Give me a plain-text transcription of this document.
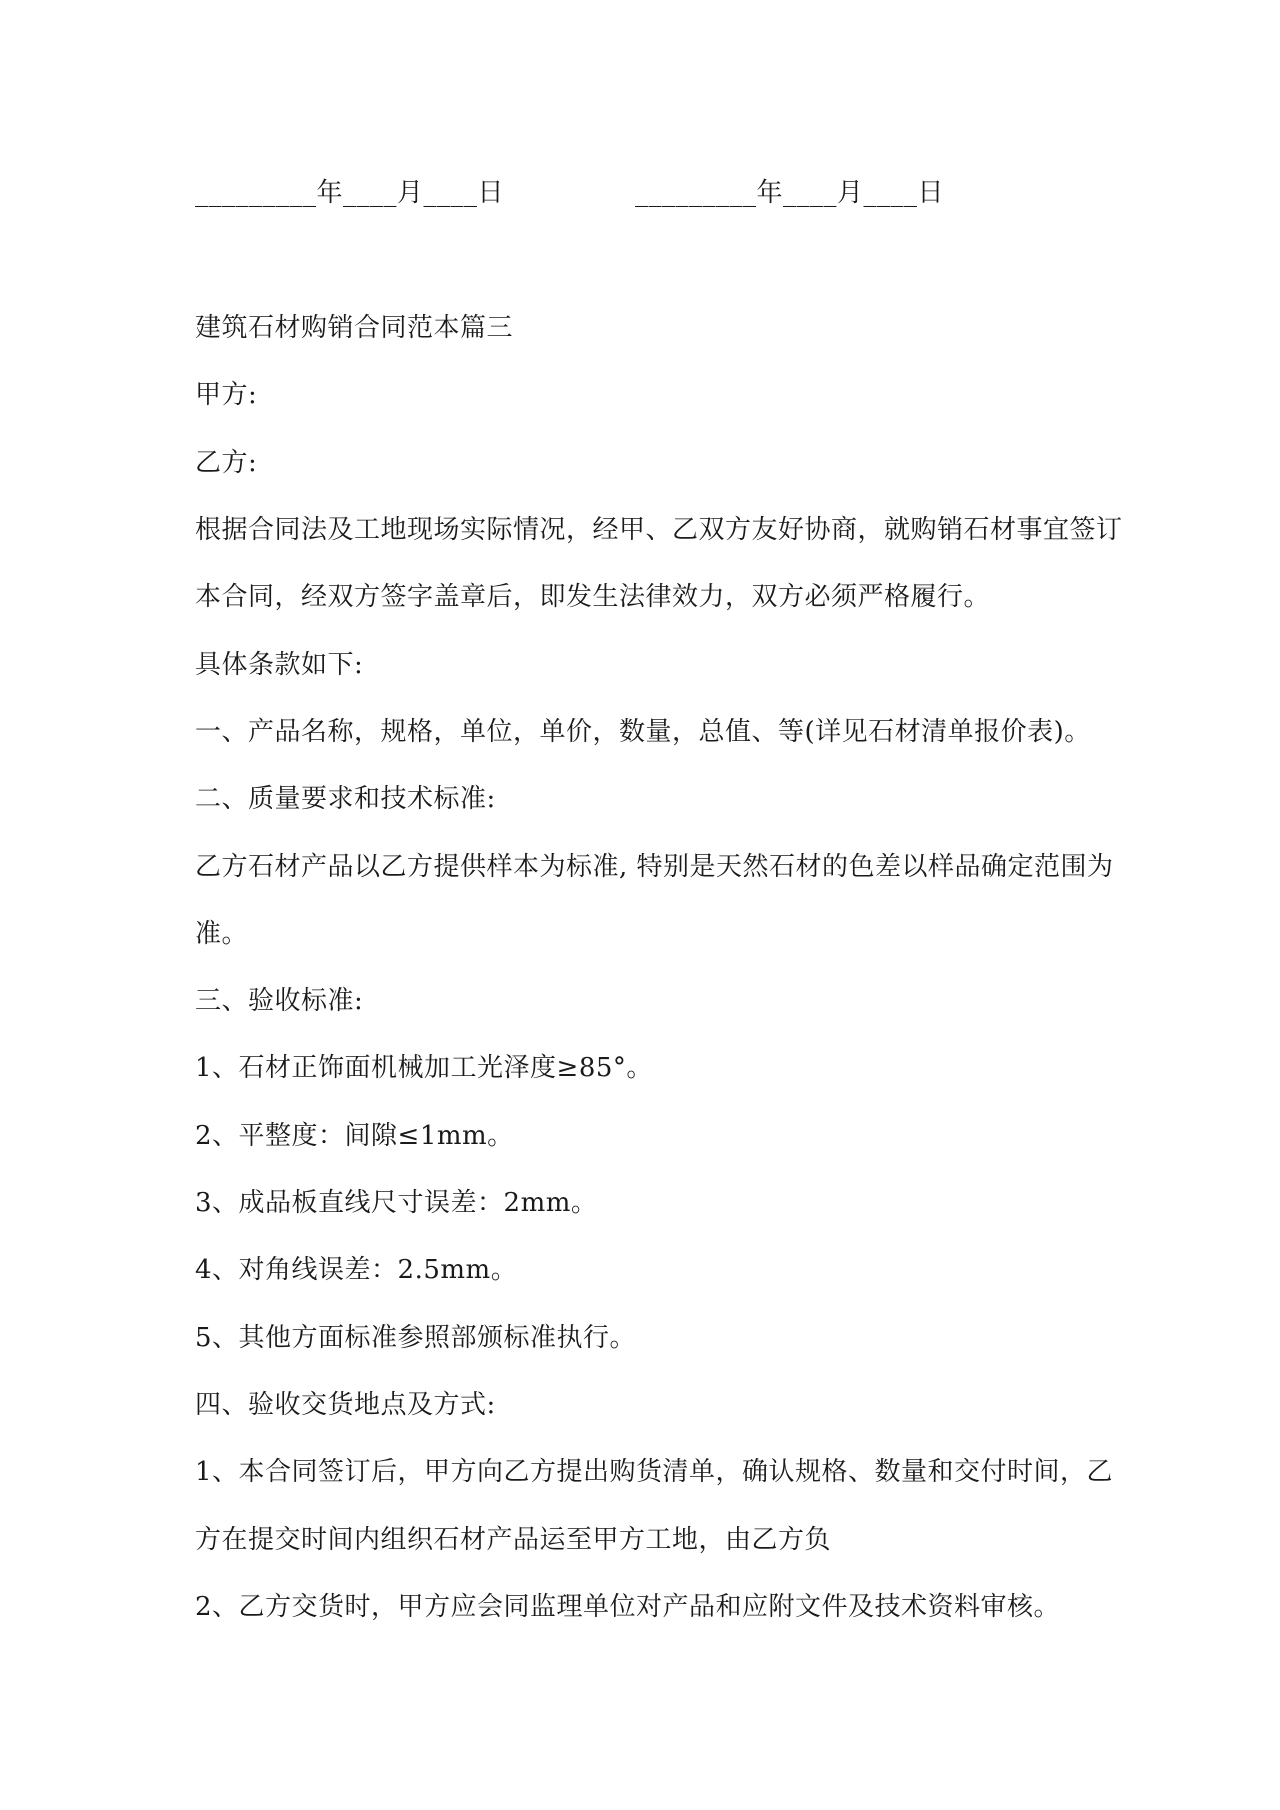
_________年____月____日	_________年____月____日
建筑石材购销合同范本篇三
甲方:
乙方:
根据合同法及工地现场实际情况，经甲、乙双方友好协商，就购销石材事宜签订
本合同，经双方签字盖章后，即发生法律效力，双方必须严格履行。
具体条款如下:
一、产品名称，规格，单位，单价，数量，总值、等(详见石材清单报价表)。
二、质量要求和技术标准:
乙方石材产品以乙方提供样本为标准, 特别是天然石材的色差以样品确定范围为
准。
三、验收标准:
1、石材正饰面机械加工光泽度≥85°。
2、平整度：间隙≤1mm。
3、成品板直线尺寸误差：2mm。
4、对角线误差：2.5mm。
5、其他方面标准参照部颁标准执行。
四、验收交货地点及方式:
1、本合同签订后，甲方向乙方提出购货清单，确认规格、数量和交付时间，乙
方在提交时间内组织石材产品运至甲方工地，由乙方负
2、乙方交货时，甲方应会同监理单位对产品和应附文件及技术资料审核。
